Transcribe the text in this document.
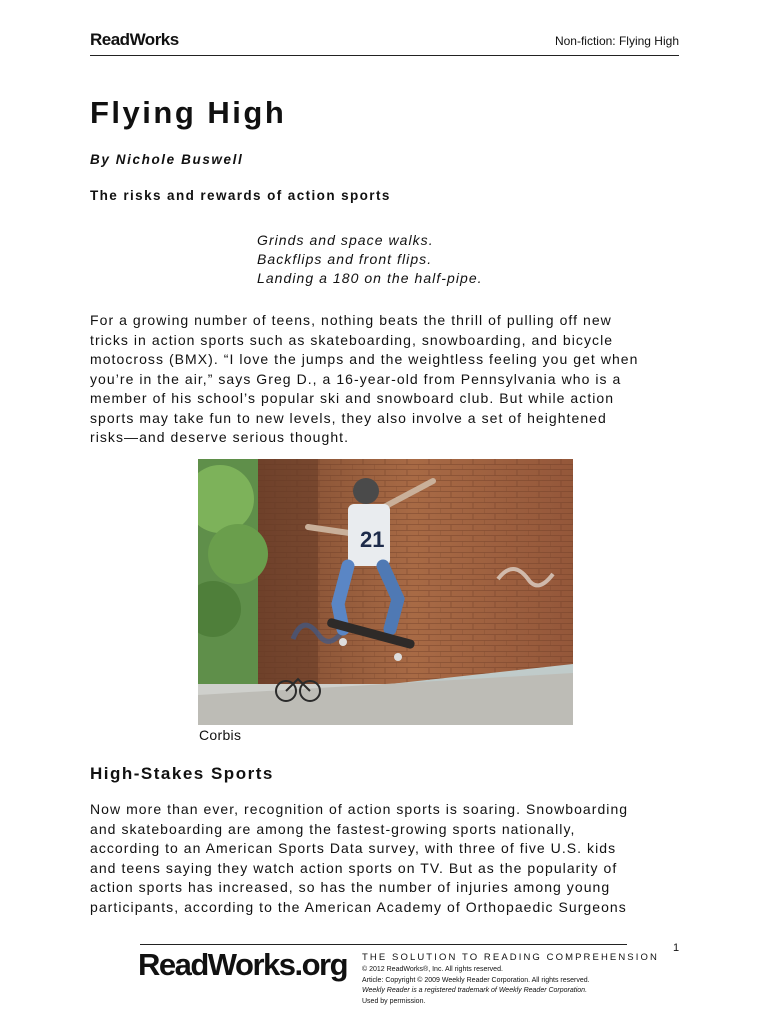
ReadWorks	Non-fiction: Flying High
Flying High
By Nichole Buswell
The risks and rewards of action sports
Grinds and space walks.
Backflips and front flips.
Landing a 180 on the half-pipe.
For a growing number of teens, nothing beats the thrill of pulling off new
tricks in action sports such as skateboarding, snowboarding, and bicycle
motocross (BMX). “I love the jumps and the weightless feeling you get when
you’re in the air,” says Greg D., a 16-year-old from Pennsylvania who is a
member of his school’s popular ski and snowboard club. But while action
sports may take fun to new levels, they also involve a set of heightened
risks—and deserve serious thought.
21
Corbis
High-Stakes Sports
Now more than ever, recognition of action sports is soaring. Snowboarding
and skateboarding are among the fastest-growing sports nationally,
according to an American Sports Data survey, with three of five U.S. kids
and teens saying they watch action sports on TV. But as the popularity of
action sports has increased, so has the number of injuries among young
participants, according to the American Academy of Orthopaedic Surgeons
ReadWorks.org THE SOLUTION TO READING COMPREHENSION
© 2012 ReadWorks®, Inc. All rights reserved.
Article: Copyright © 2009 Weekly Reader Corporation. All rights reserved.
Weekly Reader is a registered trademark of Weekly Reader Corporation.
Used by permission.
1
